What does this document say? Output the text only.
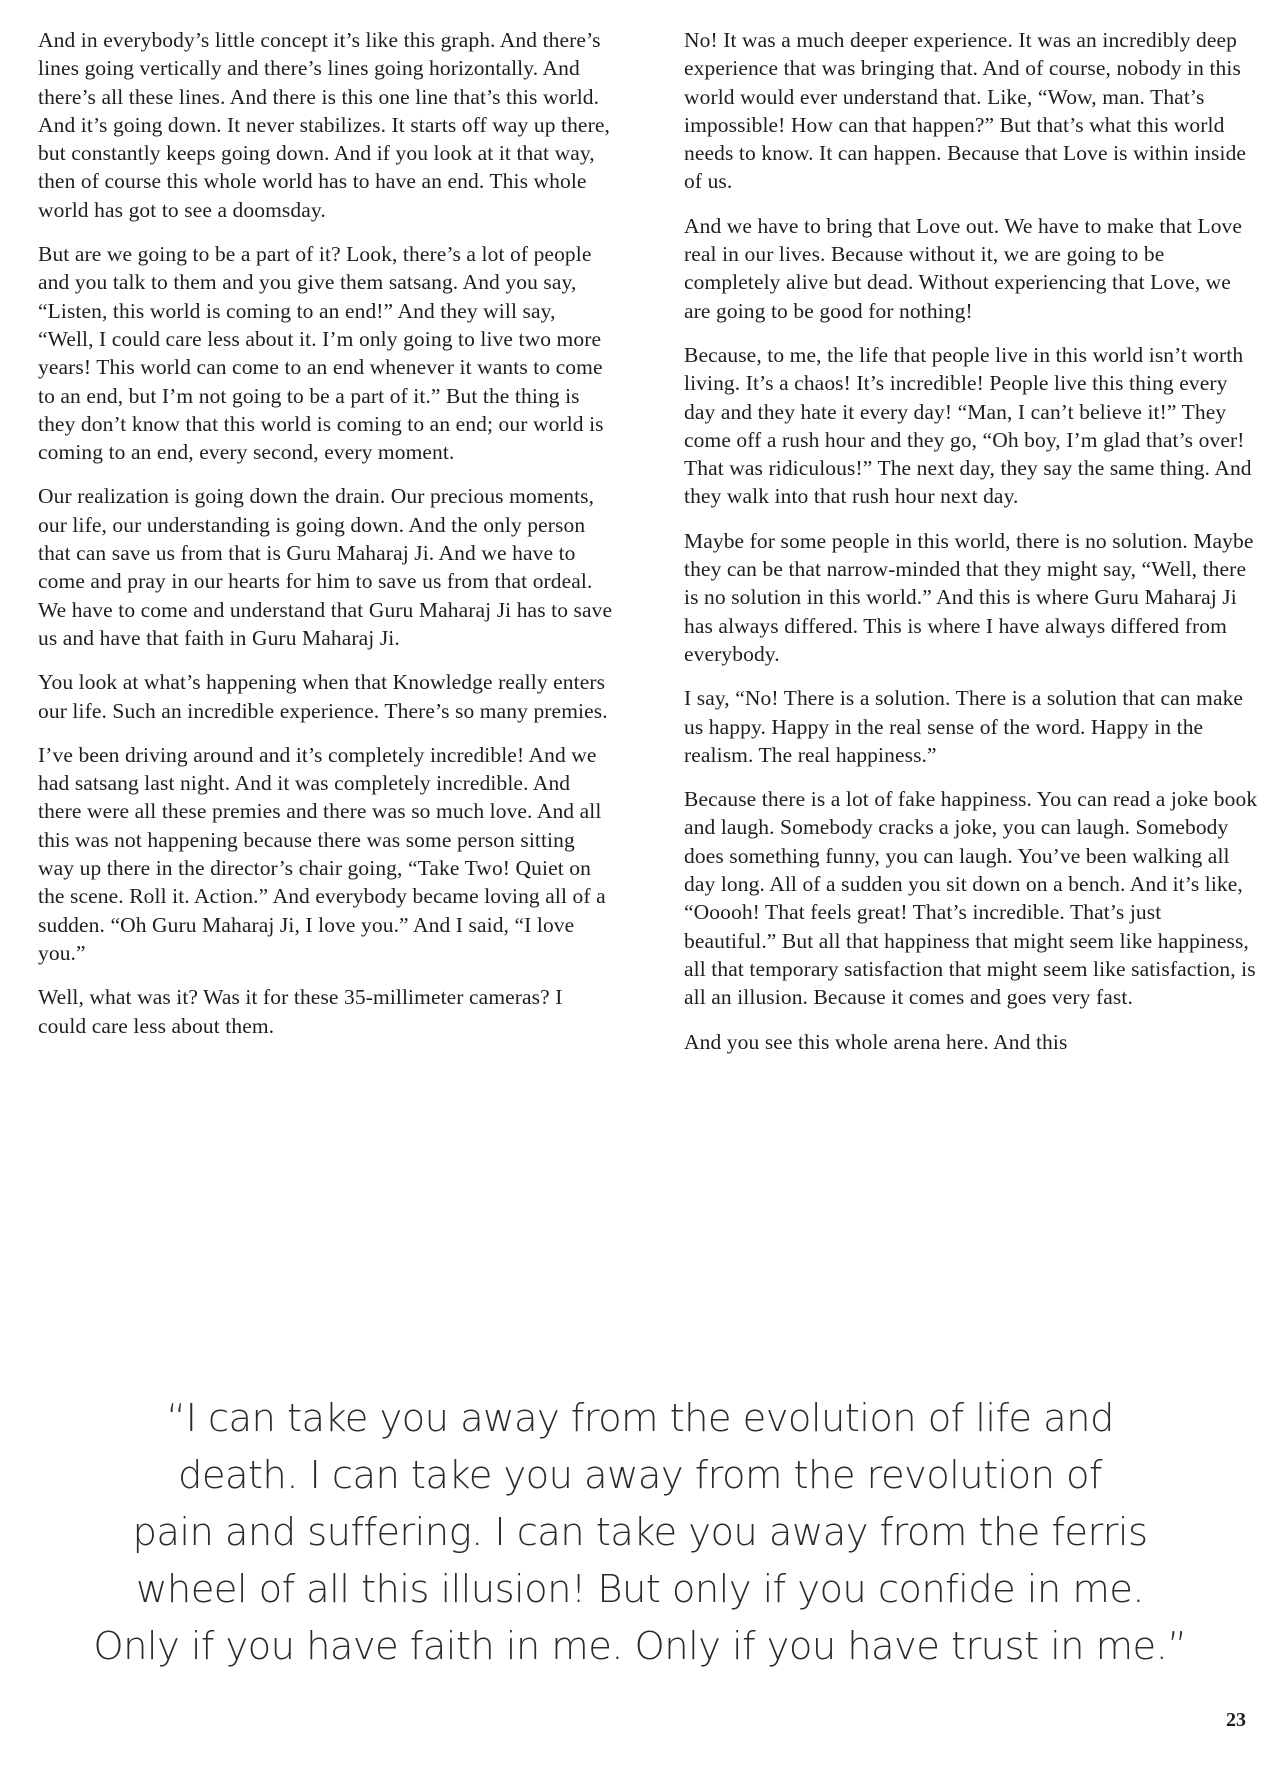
And in everybody’s little concept it’s like this graph. And there’s lines going vertically and there’s lines going horizontally. And there’s all these lines. And there is this one line that’s this world. And it’s going down. It never stabilizes. It starts off way up there, but constantly keeps going down. And if you look at it that way, then of course this whole world has to have an end. This whole world has got to see a doomsday.

But are we going to be a part of it? Look, there’s a lot of people and you talk to them and you give them satsang. And you say, “Listen, this world is coming to an end!” And they will say, “Well, I could care less about it. I’m only going to live two more years! This world can come to an end whenever it wants to come to an end, but I’m not going to be a part of it.” But the thing is they don’t know that this world is coming to an end; our world is coming to an end, every second, every moment.

Our realization is going down the drain. Our precious moments, our life, our understanding is going down. And the only person that can save us from that is Guru Maharaj Ji. And we have to come and pray in our hearts for him to save us from that ordeal. We have to come and understand that Guru Maharaj Ji has to save us and have that faith in Guru Maharaj Ji.

You look at what’s happening when that Knowledge really enters our life. Such an incredible experience. There’s so many premies.

I’ve been driving around and it’s completely incredible! And we had satsang last night. And it was completely incredible. And there were all these premies and there was so much love. And all this was not happening because there was some person sitting way up there in the director’s chair going, “Take Two! Quiet on the scene. Roll it. Action.” And everybody became loving all of a sudden. “Oh Guru Maharaj Ji, I love you.” And I said, “I love you.”

Well, what was it? Was it for these 35-millimeter cameras? I could care less about them.

No! It was a much deeper experience. It was an incredibly deep experience that was bringing that. And of course, nobody in this world would ever understand that. Like, “Wow, man. That’s impossible! How can that happen?” But that’s what this world needs to know. It can happen. Because that Love is within inside of us.

And we have to bring that Love out. We have to make that Love real in our lives. Because without it, we are going to be completely alive but dead. Without experiencing that Love, we are going to be good for nothing!

Because, to me, the life that people live in this world isn’t worth living. It’s a chaos! It’s incredible! People live this thing every day and they hate it every day! “Man, I can’t believe it!” They come off a rush hour and they go, “Oh boy, I’m glad that’s over! That was ridiculous!” The next day, they say the same thing. And they walk into that rush hour next day.

Maybe for some people in this world, there is no solution. Maybe they can be that narrow-minded that they might say, “Well, there is no solution in this world.” And this is where Guru Maharaj Ji has always differed. This is where I have always differed from everybody.

I say, “No! There is a solution. There is a solution that can make us happy. Happy in the real sense of the word. Happy in the realism. The real happiness.”

Because there is a lot of fake happiness. You can read a joke book and laugh. Somebody cracks a joke, you can laugh. Somebody does something funny, you can laugh. You’ve been walking all day long. All of a sudden you sit down on a bench. And it’s like, “Ooooh! That feels great! That’s incredible. That’s just beautiful.” But all that happiness that might seem like happiness, all that temporary satisfaction that might seem like satisfaction, is all an illusion. Because it comes and goes very fast.

And you see this whole arena here. And this

“I can take you away from the evolution of life and
death. I can take you away from the revolution of
pain and suffering. I can take you away from the ferris
wheel of all this illusion! But only if you confide in me.
Only if you have faith in me. Only if you have trust in me.”
23
